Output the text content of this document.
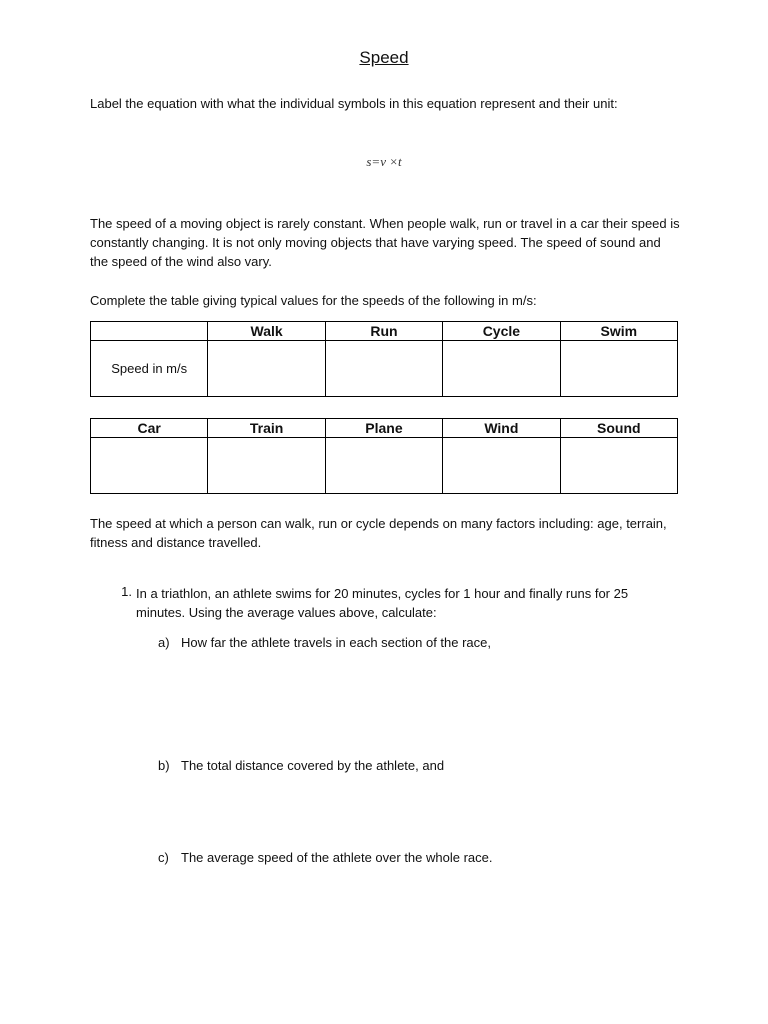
Speed
Label the equation with what the individual symbols in this equation represent and their unit:
s=v ×t
The speed of a moving object is rarely constant. When people walk, run or travel in a car their speed is constantly changing. It is not only moving objects that have varying speed. The speed of sound and the speed of the wind also vary.
Complete the table giving typical values for the speeds of the following in m/s:
	Walk	Run	Cycle	Swim
Speed in m/s				
Car	Train	Plane	Wind	Sound

The speed at which a person can walk, run or cycle depends on many factors including: age, terrain, fitness and distance travelled.
1. In a triathlon, an athlete swims for 20 minutes, cycles for 1 hour and finally runs for 25 minutes. Using the average values above, calculate:
a) How far the athlete travels in each section of the race,
b) The total distance covered by the athlete, and
c) The average speed of the athlete over the whole race.
